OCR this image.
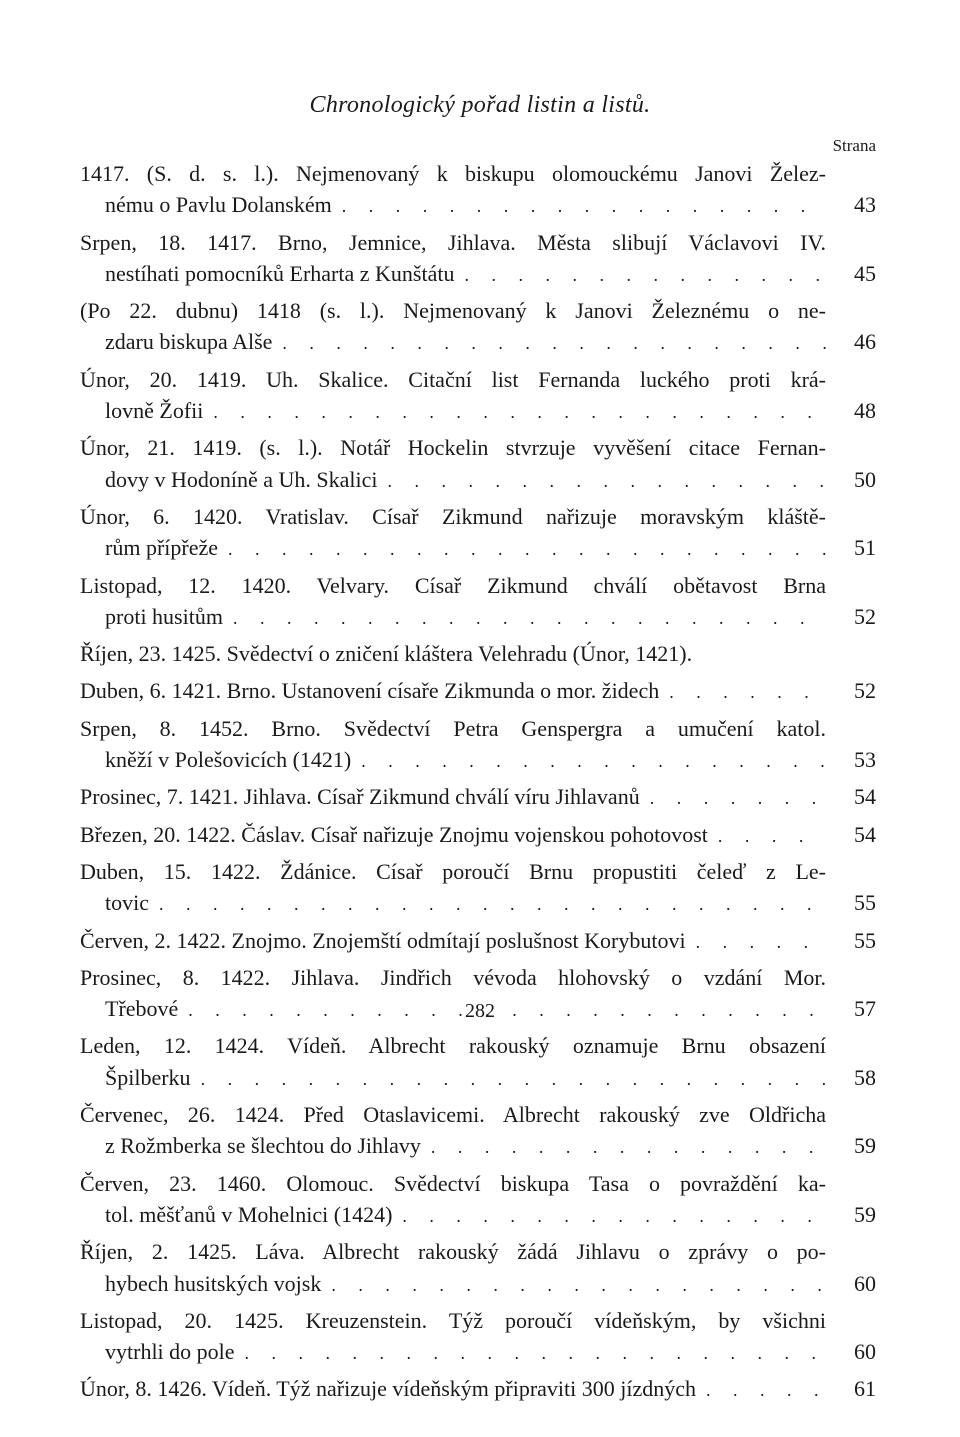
Chronologický pořad listin a listů.
Strana
1417. (S. d. s. l.). Nejmenovaný k biskupu olomouckému Janovi Želez-
nému o Pavlu Dolanském . . .	43
Srpen, 18. 1417. Brno, Jemnice, Jihlava. Města slibují Václavovi IV.
nestíhati pomocníků Erharta z Kunštátu . . .	45
(Po 22. dubnu) 1418 (s. l.). Nejmenovaný k Janovi Železnému o ne-
zdaru biskupa Alše . . .	46
Únor, 20. 1419. Uh. Skalice. Citační list Fernanda luckého proti krá-
lovně Žofii . . .	48
Únor, 21. 1419. (s. l.). Notář Hockelin stvrzuje vyvěšení citace Fernan-
dovy v Hodoníně a Uh. Skalici . . .	50
Únor, 6. 1420. Vratislav. Císař Zikmund nařizuje moravským kláště-
rům přípřeže . . .	51
Listopad, 12. 1420. Velvary. Císař Zikmund chválí obětavost Brna
proti husitům . . .	52
Říjen, 23. 1425. Svědectví o zničení kláštera Velehradu (Únor, 1421).
Duben, 6. 1421. Brno. Ustanovení císaře Zikmunda o mor. židech . . .	52
Srpen, 8. 1452. Brno. Svědectví Petra Genspergra a umučení katol.
kněží v Polešovicích (1421) . . .	53
Prosinec, 7. 1421. Jihlava. Císař Zikmund chválí víru Jihlavanů . . .	54
Březen, 20. 1422. Čáslav. Císař nařizuje Znojmu vojenskou pohotovost . . .	54
Duben, 15. 1422. Ždánice. Císař poroučí Brnu propustiti čeleď z Le-
tovic . . .	55
Červen, 2. 1422. Znojmo. Znojemští odmítají poslušnost Korybutovi . . .	55
Prosinec, 8. 1422. Jihlava. Jindřich vévoda hlohovský o vzdání Mor.
Třebové . . .	57
Leden, 12. 1424. Vídeň. Albrecht rakouský oznamuje Brnu obsazení
Špilberku . . .	58
Červenec, 26. 1424. Před Otaslavicemi. Albrecht rakouský zve Oldřicha
z Rožmberka se šlechtou do Jihlavy . . .	59
Červen, 23. 1460. Olomouc. Svědectví biskupa Tasa o povraždění ka-
tol. měšťanů v Mohelnici (1424) . . .	59
Říjen, 2. 1425. Láva. Albrecht rakouský žádá Jihlavu o zprávy o po-
hybech husitských vojsk . . .	60
Listopad, 20. 1425. Kreuzenstein. Týž poroučí vídeňským, by všichni
vytrhli do pole . . .	60
Únor, 8. 1426. Vídeň. Týž nařizuje vídeňským připraviti 300 jízdných . . .	61
282
